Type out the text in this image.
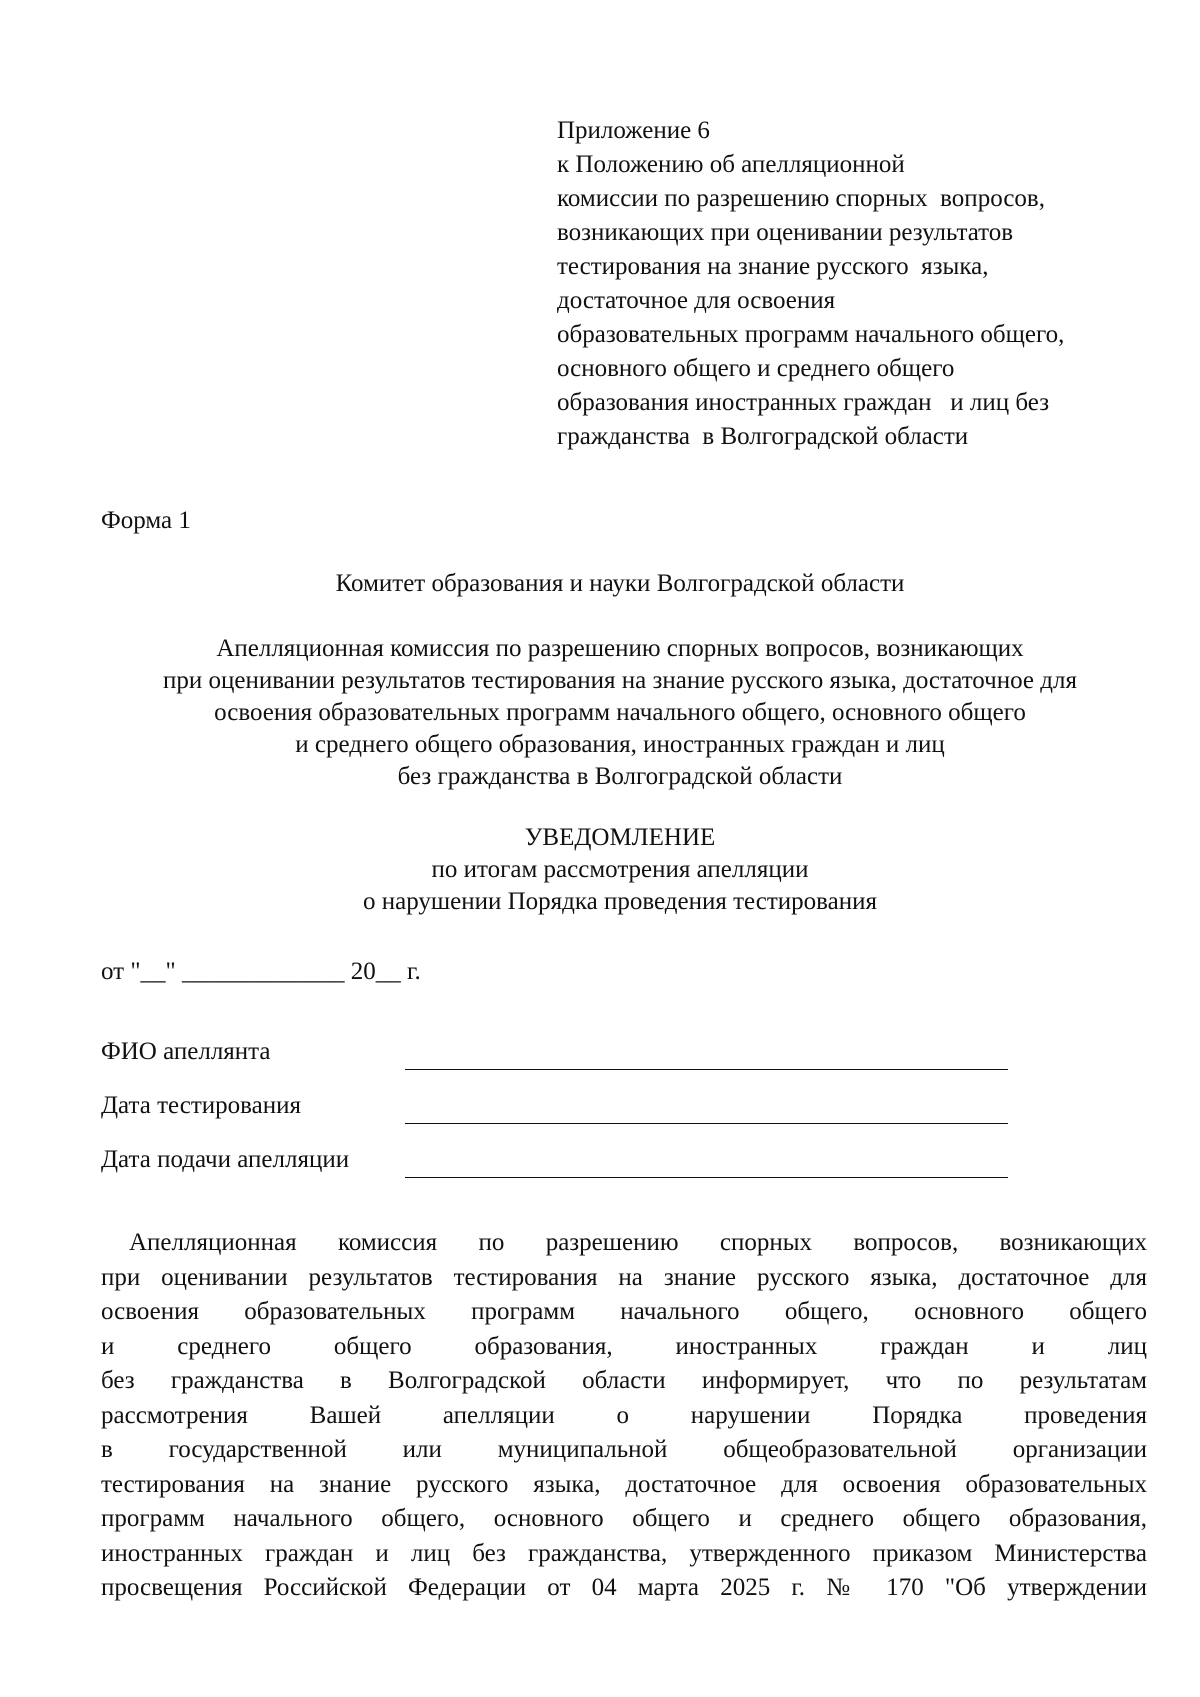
Приложение 6
к Положению об апелляционной
комиссии по разрешению спорных  вопросов,
возникающих при оценивании результатов
тестирования на знание русского  языка,
достаточное для освоения
образовательных программ начального общего,
основного общего и среднего общего
образования иностранных граждан   и лиц без
гражданства  в Волгоградской области
Форма 1
Комитет образования и науки Волгоградской области
Апелляционная комиссия по разрешению спорных вопросов, возникающих
при оценивании результатов тестирования на знание русского языка, достаточное для
освоения образовательных программ начального общего, основного общего
и среднего общего образования, иностранных граждан и лиц
без гражданства в Волгоградской области
УВЕДОМЛЕНИЕ
по итогам рассмотрения апелляции
о нарушении Порядка проведения тестирования
от "__" _____________ 20__ г.
ФИО апеллянта
Дата тестирования
Дата подачи апелляции
Апелляционная комиссия по разрешению спорных вопросов, возникающих
при оценивании результатов тестирования на знание русского языка, достаточное для
освоения образовательных программ начального общего, основного общего
и среднего общего образования, иностранных граждан и лиц
без гражданства в Волгоградской области информирует, что по результатам
рассмотрения Вашей апелляции о нарушении Порядка проведения
в государственной или муниципальной общеобразовательной организации
тестирования на знание русского языка, достаточное для освоения образовательных
программ начального общего, основного общего и среднего общего образования,
иностранных граждан и лиц без гражданства, утвержденного приказом Министерства
просвещения Российской Федерации от 04 марта 2025 г. № 170 "Об утверждении
